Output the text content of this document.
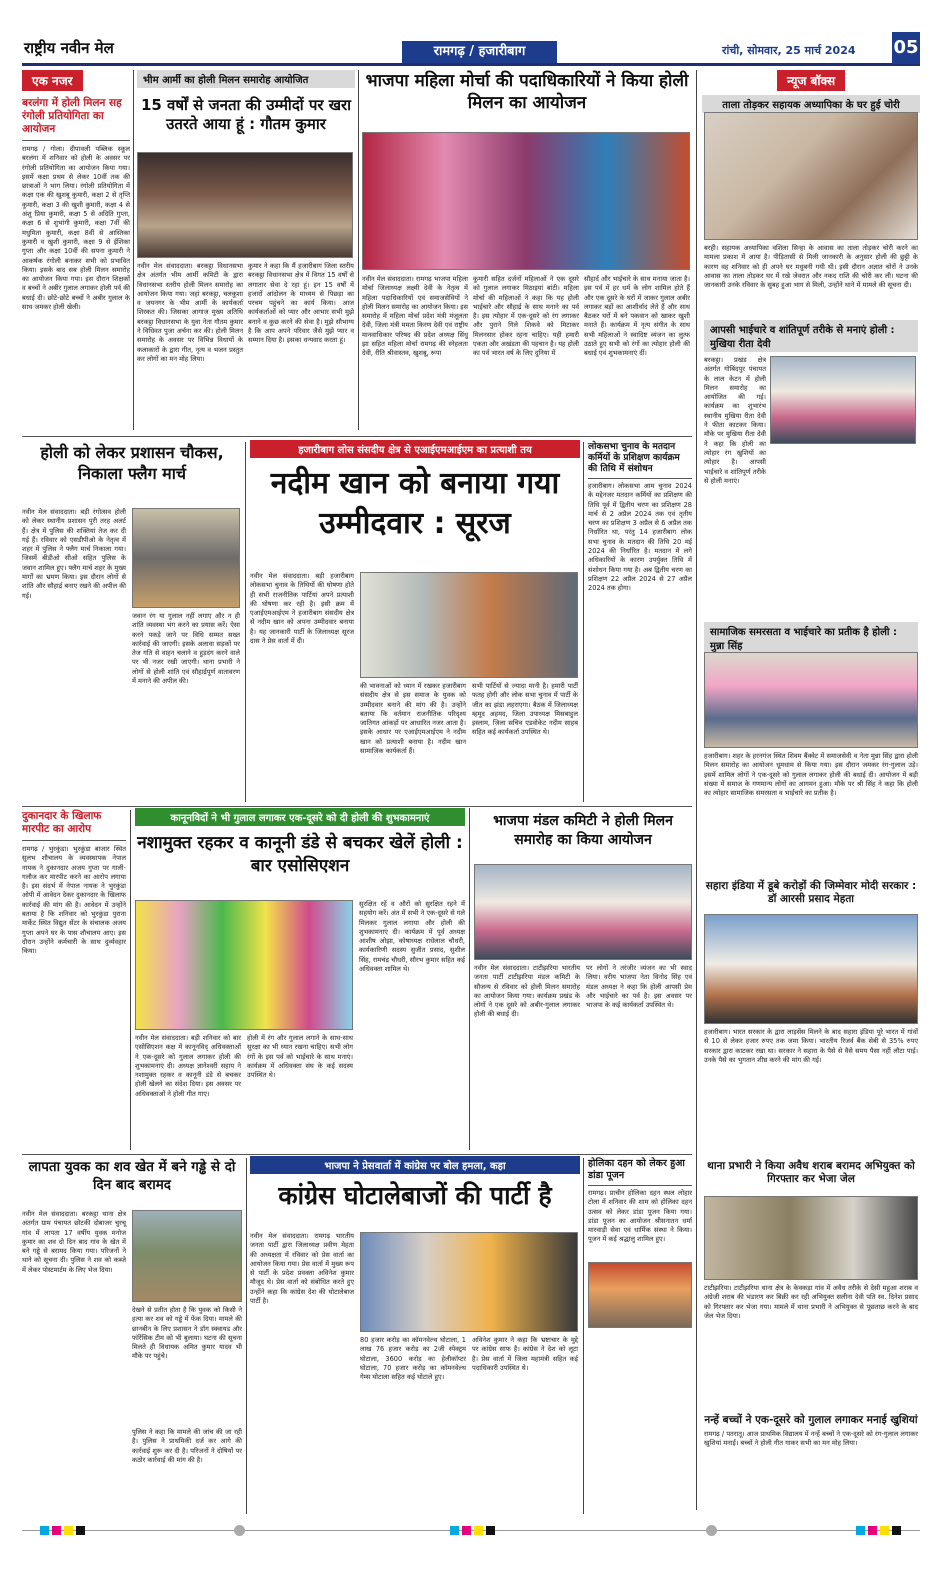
राष्ट्रीय नवीन मेल	रामगढ़ / हजारीबाग	रांची, सोमवार, 25 मार्च 2024 05
एक नजर
बरलंगा में होली मिलन सह रंगोली प्रतियोगिता का आयोजन

रामगढ़ / गोला। दीपावली पब्लिक स्कूल बरलंगा में शनिवार को होली के अवसर पर रंगोली प्रतियोगिता का आयोजन किया गया। इसमें कक्षा प्रथम से लेकर 10वीं तक की छात्राओं ने भाग लिया। रंगोली प्रतियोगिता में कक्षा एक की खुशबू कुमारी, कक्षा 2 से तृप्ति कुमारी, कक्षा 3 की खुशी कुमारी, कक्षा 4 से अंशु प्रिया कुमारी, कक्षा 5 से अदिति गुप्ता, कक्षा 6 से शुभांगी कुमारी, कक्षा 7वीं की मधुमिता कुमारी, कक्षा 8वीं से आस्तिका कुमारी व खुशी कुमारी, कक्षा 9 से ईशिका गुप्ता और कक्षा 10वीं की सपना कुमारी ने आकर्षक रंगोली बनाकर सभी को प्रभावित किया। इसके बाद सब होली मिलन समारोह का आयोजन किया गया। इस दौरान शिक्षकों व बच्चों ने अबीर गुलाल लगाकर होली पर्व की बधाई दी। छोटे-छोटे बच्चों ने अबीर गुलाल के साथ जमकर होली खेली।

भीम आर्मी का होली मिलन समारोह आयोजित
15 वर्षों से जनता की उम्मीदों पर खरा उतरते आया हूं : गौतम कुमार

नवीन मेल संवाददाता। बरकट्ठा विधानसभा क्षेत्र अंतर्गत भीम आर्मी कमिटी के द्वारा विधानसभा स्तरीय होली मिलन समारोह का आयोजन किया गया। जहां बरकट्ठा, चलकुशा व जयनगर के भीम आर्मी के कार्यकर्ता शिरकत की। जिसका आगाज मुख्य अतिथि बरकट्ठा विधानसभा के युवा नेता गौतम कुमार ने विधिवत पुजा अर्चना कर की। होली मिलन समारोह के अवसर पर विभिन्न विधायों के कलाकारों के द्वारा गीत, नृत्य व भजन प्रस्तुत कर लोगों का मन मोह लिया।

कुमार ने कहा कि मैं हजारीबाग जिला स्तरीय बरकट्ठा विधानसभा क्षेत्र में विगत 15 वर्षों से लगातार सेवा दे रहा हूं। इन 15 वर्षों में हजारों आंदोलन के माध्यम से पिछड़ा का परचम पहुंचने का कार्य किया। आज कार्यकर्ताओं को प्यार और आभार सभी मुझे बनाने व कुछ करने की सेवा है। मुझे सौभाग्य है कि आप अपने परिवार जैसे मुझे प्यार व सम्मान दिया है। इसका धन्यवाद करता हूं।

भाजपा महिला मोर्चा की पदाधिकारियों ने किया होली मिलन का आयोजन

नवीन मेल संवाददाता। रामगढ़ भाजपा महिला मोर्चा जिलाध्यक्ष लक्ष्मी देवी के नेतृत्व में महिला पदाधिकारियों एवं समाजसेवियों ने होली मिलन समारोह का आयोजन किया। इस समारोह में महिला मोर्चा प्रदेश मंत्री मंजूलता देवी, जिला मंत्री ममता किरण देवी एवं राष्ट्रीय मानवाधिकार परिषद की प्रदेश अध्यक्ष सिंधु झा सहित महिला मोर्चा रामगढ़ की स्नेहलता देवी, रीति श्रीवास्तव, खुशबू, रूपा

कुमारी सहित दर्जनों महिलाओं ने एक दूसरे को गुलाल लगाकर मिठाइयां बांटी। महिला मोर्चा की महिलाओं ने कहा कि यह होली भाईचारे और सौहार्द्र के साथ मनाने का पर्व है। इस त्योहार में एक-दूसरे को रंग लगाकर और पुराने गिले शिकवे को मिटाकर मिलनसार होकर रहना चाहिए। यही हमारी एकता और अखंडता की पहचान है। यह होली का पर्व भारत वर्ष के लिए दुनिया में

सौहार्द और भाईचारे के साथ मनाया जाता है। इस पर्व में हर धर्म के लोग शामिल होते हैं और एक दूसरे के घरों में जाकर गुलाल अबीर लगाकर बड़ों का आशीर्वाद लेते हैं और साथ बैठकर घरों में बने पकवान को खाकर खुशी मनाते हैं। कार्यक्रम में नृत्य संगीत के साथ सभी महिलाओं ने स्वादिष्ट व्यंजन का लुत्फ उठाते हुए सभी को रंगों का त्योहार होली की बधाई एवं शुभकामनाएं दीं।

न्यूज बॉक्स
ताला तोड़कर सहायक अध्यापिका के घर हुई चोरी

बरही। सहायक अध्यापिका वशिला सिन्हा के आवास का ताला तोड़कर चोरी करने का मामला प्रकाश में आया है। पीड़ितासी से मिली जानकारी के अनुसार होली की छुट्टी के कारण वह शनिवार को ही अपने घर मधुबनी गयी थी। इसी दौरान अज्ञात चोरों ने उनके आवास का ताला तोड़कर घर में रखे जेवरात और नकद राशि की चोरी कर ली। घटना की जानकारी उनके रविवार के सुबह हुआ भाग से मिली, उन्होंने थाने में मामले की सूचना दी।

आपसी भाईचारे व शांतिपूर्ण तरीके से मनाएं होली : मुखिया रीता देवी

बरकट्ठा। प्रखंड क्षेत्र अंतर्गत गोबिंदपुर पंचायत के लाल केटन में होली मिलन समारोह का आयोजित की गई। कार्यक्रम का शुभारंभ स्थानीय मुखिया रीता देवी ने फीता काटकर किया। मौके पर मुखिया रीता देवी ने कहा कि होली का त्योहार रंग खुशियों का त्योहार है। आपसी भाईचारे व शांतिपूर्ण तरीके से होली मनाएं।

सामाजिक समरसता व भाईचारे का प्रतीक है होली : मुन्ना सिंह

हजारीबाग। शहर के हरनगंज स्थित शिवम बैंक्वेट में समाजसेवी व नेता मुन्ना सिंह द्वारा होली मिलन समारोह का आयोजन धूमधाम से किया गया। इस दौरान जमकर रंग-गुलाल उड़े। इसमें शामिल लोगों ने एक-दूसरे को गुलाल लगाकर होली की बधाई दी। आयोजन में बड़ी संख्या में समाज के गणमान्य लोगों का आगमन हुआ। मौके पर श्री सिंह ने कहा कि होली का त्योहार सामाजिक समरसता व भाईचारे का प्रतीक है।

सहारा इंडिया में डूबे करोड़ों की जिम्मेवार मोदी सरकार : डॉ आरसी प्रसाद मेहता

हजारीबाग। भारत सरकार के द्वारा लाइसेंस मिलने के बाद सहारा इंडिया पूरे भारत में गांवों से 10 से लेकर हजार रुपए तक जमा किया। भारतीय रिजर्व बैंक सेबी से 35% रुपए सरकार द्वारा काटकर रखा था। सरकार ने सहारा के पैसे से वैसे समय पैसा नहीं लौटा पाई। उनके पैसे का भुगतान शीघ्र करने की मांग की गई।

थाना प्रभारी ने किया अवैध शराब बरामद अभियुक्त को गिरफ्तार कर भेजा जेल

टाटीझरिया। टाटीझरिया थाना क्षेत्र के केवकड़ा गांव में अवैध तरीके से देसी महुआ शराब व अंग्रेजी शराब की भंडारण कर बिक्री कर रही अभियुक्त सलीना देवी पति स्व. दिनेश प्रसाद को गिरफ्तार कर भेजा गया। मामले में थाना प्रभारी ने अभियुक्त से पूछताछ करने के बाद जेल भेज दिया।

नन्हें बच्चों ने एक-दूसरे को गुलाल लगाकर मनाई खुशियां

रामगढ़ / पतरातू। आज प्राथमिक विद्यालय में नन्हें बच्चों ने एक-दूसरे को रंग-गुलाल लगाकर खुशियां मनाईं। बच्चों ने होली गीत गाकर सभी का मन मोह लिया।

होली को लेकर प्रशासन चौकस, निकाला फ्लैग मार्च

नवीन मेल संवाददाता। बड़ी रंगोत्सव होली को लेकर स्थानीय प्रशासन पूरी तरह अलर्ट हैं। क्षेत्र में पुलिस की शक्तियां तेज कर दी गई हैं। रविवार को एसडीपीओ के नेतृत्व में शहर में पुलिस ने फ्लैग मार्च निकाला गया। जिसमें बीडीओ सीओ सहित पुलिस के जवान शामिल हुए। फ्लैग मार्च शहर के मुख्य मार्गों का भ्रमण किया। इस दौरान लोगों से शांति और सौहार्द्र बनाए रखने की अपील की गई।

जवान रंग या गुलाल नहीं लगाए और न ही शांति व्यवस्था भंग करने का प्रयास करें। ऐसा करने पकड़े जाने पर विधि सम्मत सख्त कार्रवाई की जाएगी। इसके अलावा सड़कों पर तेज गति से वाहन चलाने व हुड़दंग करने वाले पर भी नजर रखी जाएगी। थाना प्रभारी ने लोगों से होली शांति एवं सौहार्द्रपूर्ण वातावरण में मनाने की अपील की।

हजारीबाग लोस संसदीय क्षेत्र से एआईएमआईएम का प्रत्याशी तय
नदीम खान को बनाया गया उम्मीदवार : सूरज

नवीन मेल संवाददाता। बड़ी हजारीबाग लोकसभा चुनाव के तिथियों की घोषणा होते ही सभी राजनीतिक पार्टियां अपने प्रत्याशी की घोषणा कर रही है। इसी क्रम में एआईएमआईएम ने हजारीबाग संसदीय क्षेत्र से नदीम खान को अपना उम्मीदवार बनाया है। यह जानकारी पार्टी के जिलाध्यक्ष सूरज दास ने प्रेस वार्ता में दी।

की भावनाओं को ध्यान में रखकर हजारीबाग संसदीय क्षेत्र से इस समाज के युवक को उम्मीदवार बनाने की मांग की है। उन्होंने बताया कि वर्तमान राजनीतिक परिदृश्य जातिगत आंकड़ों पर आधारित नजर आता है। इसके आधार पर एआईएमआईएम ने नदीम खान को प्रत्याशी बनाया है। नदीम खान सामाजिक कार्यकर्ता हैं।

सभी पार्टियों से ज्यादा मानी है। हमारी पार्टी फतह होगी और लोक सभा चुनाव में पार्टी के जीत का झंडा लहराएगा। बैठक में जिलाध्यक्ष म्हमूद अहमद, जिला उपाध्यक्ष मिसबाहुल इस्लाम, जिला सचिव एडवोकेट नदीम साहब सहित कई कार्यकर्ता उपस्थित थे।

लोकसभा चुनाव के मतदान कर्मियों के प्रशिक्षण कार्यक्रम की तिथि में संशोधन

हजारीबाग। लोकसभा आम चुनाव 2024 के मद्देनजर मतदान कर्मियों का प्रशिक्षण की तिथि पूर्व में द्वितीय चरण का प्रशिक्षण 28 मार्च से 2 अप्रैल 2024 तक एवं तृतीय चरण का प्रशिक्षण 3 अप्रैल से 6 अप्रैल तक निर्धारित था, परंतु 14 हजारीबाग लोक सभा चुनाव के मतदान की तिथि 20 मई 2024 की निर्धारित है। मतदान में लगे अधिकारियों के कारण उपर्युक्त तिथि में संशोधन किया गया है। अब द्वितीय चरण का प्रशिक्षण 22 अप्रैल 2024 से 27 अप्रैल 2024 तक होगा।

दुकानदार के खिलाफ मारपीट का आरोप

रामगढ़ / भुरकुंडा। भुरकुंडा बाजार स्थित सुलभ शौचालय के व्यवस्थापक नेपाल नायक ने दुकानदार अजय गुप्ता पर गाली-गलौज कर मारपीट करने का आरोप लगाया है। इस संदर्भ में नेपाल नायक ने भुरकुंडा ओपी में आवेदन देकर दुकानदार के खिलाफ कार्रवाई की मांग की है। आवेदन में उन्होंने बताया है कि शनिवार को भुरकुंडा पुराना मार्केट स्थित विद्युत सेंटर के संचालक अजय गुप्ता अपने घर के पास शौचालय आए। इस दौरान उन्होंने कर्मचारी के साथ दुर्व्यवहार किया।

कानूनविदों ने भी गुलाल लगाकर एक-दूसरे को दी होली की शुभकामनाएं
नशामुक्त रहकर व कानूनी डंडे से बचकर खेलें होली : बार एसोसिएशन

नवीन मेल संवाददाता। बड़ी शनिवार को बार एसोसिएशन कक्ष में कानूनविद् अधिवक्ताओं ने एक-दूसरे को गुलाल लगाकर होली की शुभकामनाएं दी। अध्यक्ष ज्ञानेश्वरी सहाय ने नशामुक्त रहकर व कानूनी डंडे से बचकर होली खेलने का संदेश दिया। इस अवसर पर अधिवक्ताओं ने होली गीत गाए।

होली में रंग और गुलाल लगाने के साथ-साथ सुरक्षा का भी ध्यान रखना चाहिए। सभी लोग रंगों के इस पर्व को भाईचारे के साथ मनाएं। कार्यक्रम में अधिवक्ता संघ के कई सदस्य उपस्थित थे।

सुरक्षित रहें व औरों को सुरक्षित रहने में सहयोग करें। अंत में सभी ने एक-दूसरे से गले मिलकर गुलाल लगाया और होली की शुभकामनाएं दी। कार्यक्रम में पूर्व अध्यक्ष आशीष ओझा, कोषाध्यक्ष राधेलाल चौधरी, कार्यकारिणी सदस्य सुजीत प्रसाद, सुशील सिंह, रामचंद्र चौधरी, सौरभ कुमार सहित कई अधिवक्ता शामिल थे।

भाजपा मंडल कमिटी ने होली मिलन समारोह का किया आयोजन

नवीन मेल संवाददाता। टाटीझरिया भारतीय जनता पार्टी टाटीझरिया मंडल कमिटी के सौजन्य से रविवार को होली मिलन समारोह का आयोजन किया गया। कार्यक्रम प्रखंड के लोगों ने एक दूसरे को अबीर-गुलाल लगाकर होली की बधाई दी।

पर लोगों ने तरंजीर व्यंजन का भी स्वाद लिया। वरीय भाजपा नेता विनोद सिंह एवं मंडल अध्यक्ष ने कहा कि होली आपसी प्रेम और भाईचारे का पर्व है। इस अवसर पर भाजपा के कई कार्यकर्ता उपस्थित थे।

लापता युवक का शव खेत में बने गड्ढे से दो दिन बाद बरामद

नवीन मेल संवाददाता। बरकट्ठा थाना क्षेत्र अंतर्गत ग्राम पंचायत छोटकी दोबाजर चुरचू गांव में लापता 17 वर्षीय युवक मनोज कुमार का शव दो दिन बाद गांव के खेत में बने गड्ढे से बरामद किया गया। परिजनों ने थाने को सूचना दी। पुलिस ने शव को कब्जे में लेकर पोस्टमार्टम के लिए भेज दिया।

देखने से प्रतीत होता है कि युवक को किसी ने हत्या कर शव को गड्ढे में फेंक दिया। मामले की छानबीन के लिए प्रशासन ने डॉग स्क्वायड और फॉरेंसिक टीम को भी बुलाया। घटना की सूचना मिलते ही विधायक अमित कुमार यादव भी मौके पर पहुंचे।

पुलिस ने कहा कि मामले की जांच की जा रही है। पुलिस ने प्राथमिकी दर्ज कर आगे की कार्रवाई शुरू कर दी है। परिजनों ने दोषियों पर कठोर कार्रवाई की मांग की है।

भाजपा ने प्रेसवार्ता में कांग्रेस पर बोल हमला, कहा
कांग्रेस घोटालेबाजों की पार्टी है

नवीन मेल संवाददाता। रामगढ़ भारतीय जनता पार्टी द्वारा जिलाध्यक्ष प्रवीण मेहता की अध्यक्षता में रविवार को प्रेस वार्ता का आयोजन किया गया। प्रेस वार्ता में मुख्य रूप से पार्टी के प्रदेश प्रवक्ता अविनेश कुमार मौजूद थे। प्रेस वार्ता को संबोधित करते हुए उन्होंने कहा कि कांग्रेस देश की घोटालेबाज पार्टी है।

80 हजार करोड़ का कॉमनवेल्थ घोटाला, 1 लाख 76 हजार करोड़ का 2जी स्पेक्ट्रम घोटाला, 3600 करोड़ का हेलीकॉप्टर घोटाला, 70 हजार करोड़ का कॉमनवेल्थ गेम्स घोटाला सहित कई घोटाले हुए।

अविनेश कुमार ने कहा कि भ्रष्टाचार के मुद्दे पर कांग्रेस साफ है। कांग्रेस ने देश को लूटा है। प्रेस वार्ता में जिला महामंत्री सहित कई पदाधिकारी उपस्थित थे।

होलिका दहन को लेकर हुआ डांडा पूजन

रामगढ़। प्राचीन होलिका दहन स्थल लोहार टोला में शनिवार की शाम को होलिका दहन उत्सव को लेकर डांडा पूजन किया गया। डांडा पूजन का आयोजन श्रीसनातन धर्मा मारवाड़ी सेवा एवं धार्मिक संस्था ने किया। पूजन में कई श्रद्धालु शामिल हुए।
